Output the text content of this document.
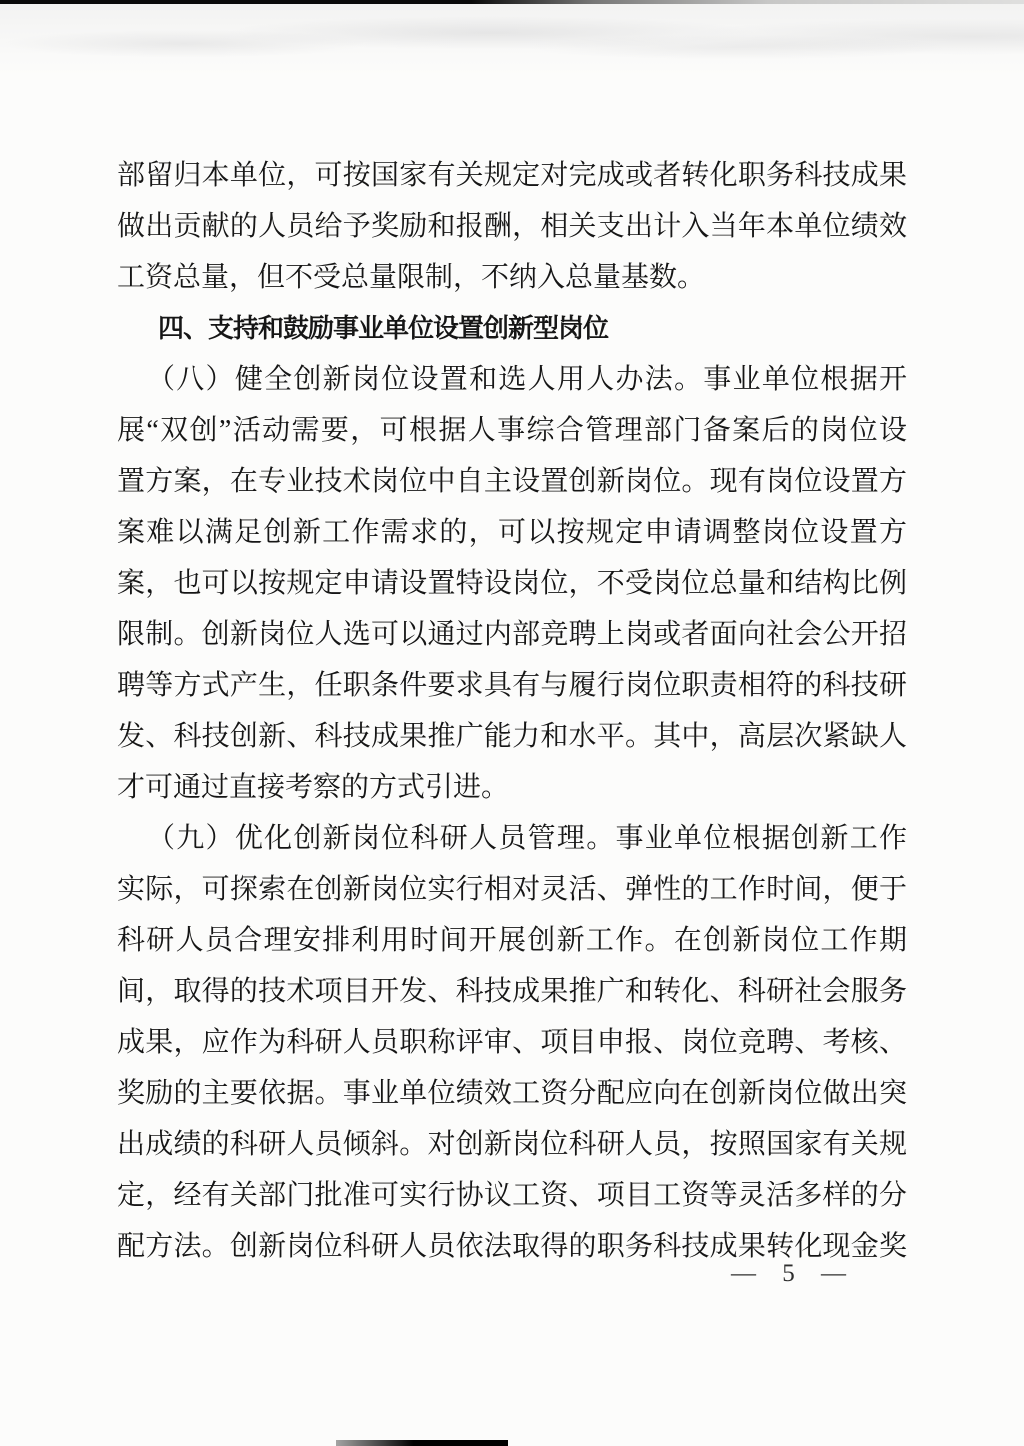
部留归本单位，可按国家有关规定对完成或者转化职务科技成果
做出贡献的人员给予奖励和报酬，相关支出计入当年本单位绩效
工资总量，但不受总量限制，不纳入总量基数。
四、支持和鼓励事业单位设置创新型岗位
（八）健全创新岗位设置和选人用人办法。事业单位根据开
展“双创”活动需要，可根据人事综合管理部门备案后的岗位设
置方案，在专业技术岗位中自主设置创新岗位。现有岗位设置方
案难以满足创新工作需求的，可以按规定申请调整岗位设置方
案，也可以按规定申请设置特设岗位，不受岗位总量和结构比例
限制。创新岗位人选可以通过内部竞聘上岗或者面向社会公开招
聘等方式产生，任职条件要求具有与履行岗位职责相符的科技研
发、科技创新、科技成果推广能力和水平。其中，高层次紧缺人
才可通过直接考察的方式引进。
（九）优化创新岗位科研人员管理。事业单位根据创新工作
实际，可探索在创新岗位实行相对灵活、弹性的工作时间，便于
科研人员合理安排利用时间开展创新工作。在创新岗位工作期
间，取得的技术项目开发、科技成果推广和转化、科研社会服务
成果，应作为科研人员职称评审、项目申报、岗位竞聘、考核、
奖励的主要依据。事业单位绩效工资分配应向在创新岗位做出突
出成绩的科研人员倾斜。对创新岗位科研人员，按照国家有关规
定，经有关部门批准可实行协议工资、项目工资等灵活多样的分
配方法。创新岗位科研人员依法取得的职务科技成果转化现金奖
— 5 —
